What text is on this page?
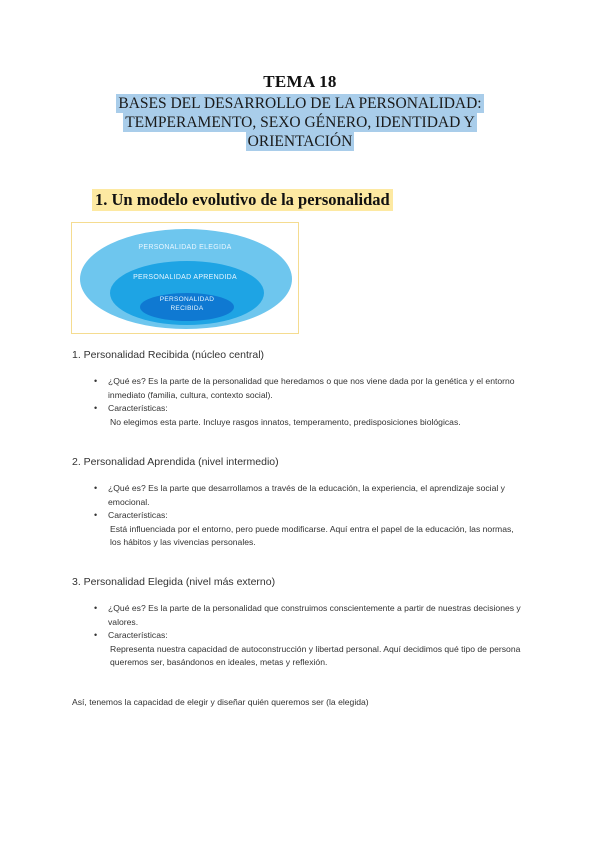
TEMA 18
BASES DEL DESARROLLO DE LA PERSONALIDAD:
TEMPERAMENTO, SEXO GÉNERO, IDENTIDAD Y
ORIENTACIÓN
1. Un modelo evolutivo de la personalidad
PERSONALIDAD ELEGIDA
PERSONALIDAD APRENDIDA
PERSONALIDAD
RECIBIDA
1. Personalidad Recibida (núcleo central)
• ¿Qué es? Es la parte de la personalidad que heredamos o que nos viene dada por la genética y el entorno inmediato (familia, cultura, contexto social).
• Características:
No elegimos esta parte. Incluye rasgos innatos, temperamento, predisposiciones biológicas.
2. Personalidad Aprendida (nivel intermedio)
• ¿Qué es? Es la parte que desarrollamos a través de la educación, la experiencia, el aprendizaje social y emocional.
• Características:
Está influenciada por el entorno, pero puede modificarse. Aquí entra el papel de la educación, las normas, los hábitos y las vivencias personales.
3. Personalidad Elegida (nivel más externo)
• ¿Qué es? Es la parte de la personalidad que construimos conscientemente a partir de nuestras decisiones y valores.
• Características:
Representa nuestra capacidad de autoconstrucción y libertad personal. Aquí decidimos qué tipo de persona queremos ser, basándonos en ideales, metas y reflexión.
Así, tenemos la capacidad de elegir y diseñar quién queremos ser (la elegida)
